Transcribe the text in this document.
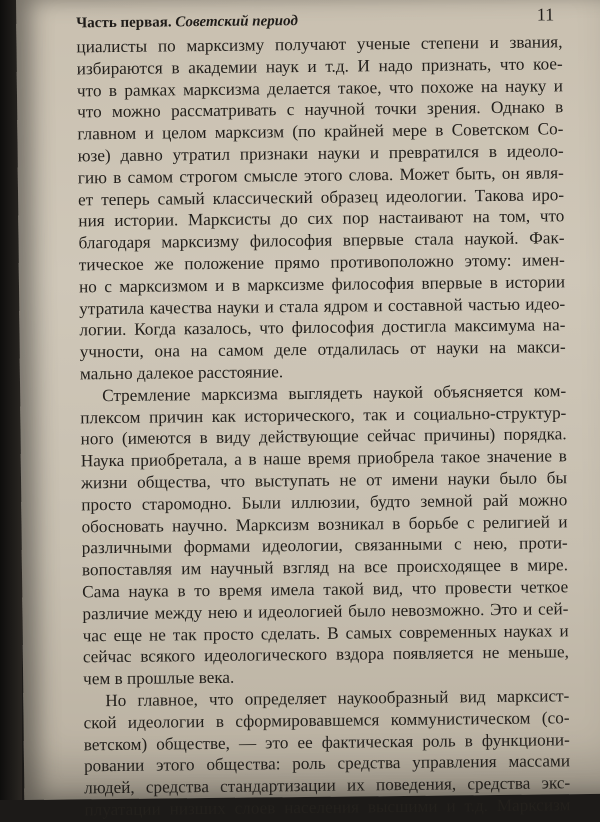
Часть первая. Советский период	11
циалисты по марксизму получают ученые степени и звания,
избираются в академии наук и т.д. И надо признать, что кое-
что в рамках марксизма делается такое, что похоже на науку и
что можно рассматривать с научной точки зрения. Однако в
главном и целом марксизм (по крайней мере в Советском Со-
юзе) давно утратил признаки науки и превратился в идеоло-
гию в самом строгом смысле этого слова. Может быть, он явля-
ет теперь самый классический образец идеологии. Такова иро-
ния истории. Марксисты до сих пор настаивают на том, что
благодаря марксизму философия впервые стала наукой. Фак-
тическое же положение прямо противоположно этому: имен-
но с марксизмом и в марксизме философия впервые в истории
утратила качества науки и стала ядром и составной частью идео-
логии. Когда казалось, что философия достигла максимума на-
учности, она на самом деле отдалилась от науки на макси-
мально далекое расстояние.
Стремление марксизма выглядеть наукой объясняется ком-
плексом причин как исторического, так и социально-структур-
ного (имеются в виду действующие сейчас причины) порядка.
Наука приобретала, а в наше время приобрела такое значение в
жизни общества, что выступать не от имени науки было бы
просто старомодно. Были иллюзии, будто земной рай можно
обосновать научно. Марксизм возникал в борьбе с религией и
различными формами идеологии, связанными с нею, проти-
вопоставляя им научный взгляд на все происходящее в мире.
Сама наука в то время имела такой вид, что провести четкое
различие между нею и идеологией было невозможно. Это и сей-
час еще не так просто сделать. В самых современных науках и
сейчас всякого идеологического вздора появляется не меньше,
чем в прошлые века.
Но главное, что определяет наукообразный вид марксист-
ской идеологии в сформировавшемся коммунистическом (со-
ветском) обществе, — это ее фактическая роль в функциони-
ровании этого общества: роль средства управления массами
людей, средства стандартизации их поведения, средства экс-
плуатации низших слоев населения высшими и т.д. Марксизм
